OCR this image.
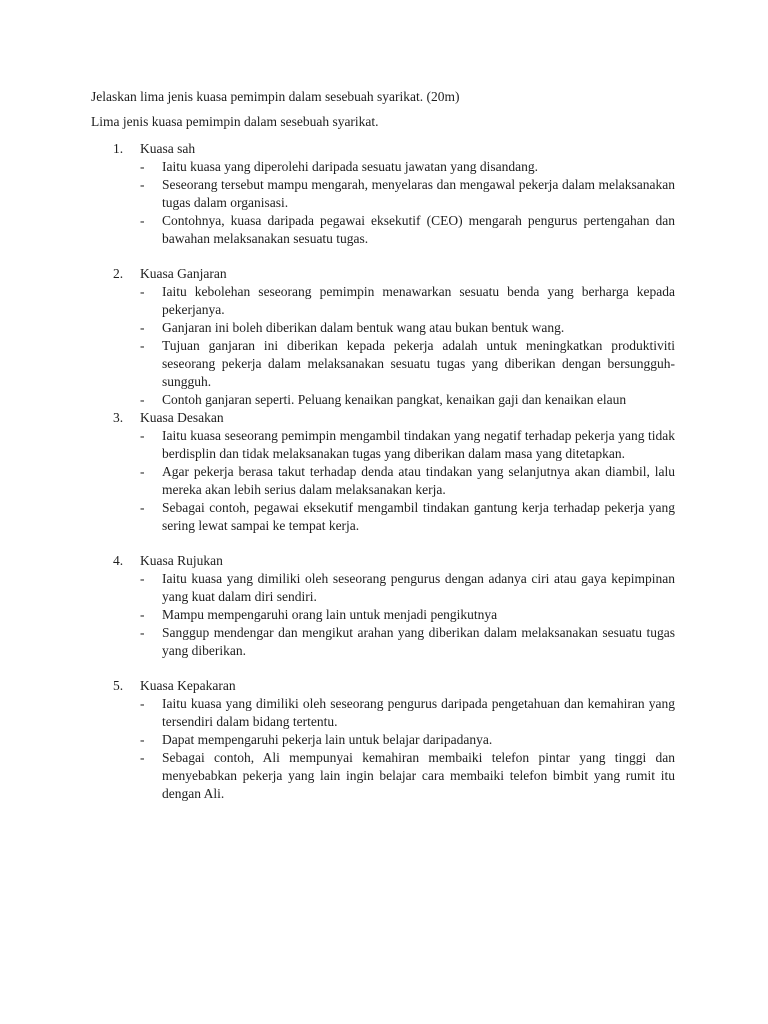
Jelaskan lima jenis kuasa pemimpin dalam sesebuah syarikat. (20m)
Lima jenis kuasa pemimpin dalam sesebuah syarikat.
1. Kuasa sah
- Iaitu kuasa yang diperolehi daripada sesuatu jawatan yang disandang.
- Seseorang tersebut mampu mengarah, menyelaras dan mengawal pekerja dalam melaksanakan tugas dalam organisasi.
- Contohnya, kuasa daripada pegawai eksekutif (CEO) mengarah pengurus pertengahan dan bawahan melaksanakan sesuatu tugas.
2. Kuasa Ganjaran
- Iaitu kebolehan seseorang pemimpin menawarkan sesuatu benda yang berharga kepada pekerjanya.
- Ganjaran ini boleh diberikan dalam bentuk wang atau bukan bentuk wang.
- Tujuan ganjaran ini diberikan kepada pekerja adalah untuk meningkatkan produktiviti seseorang pekerja dalam melaksanakan sesuatu tugas yang diberikan dengan bersungguh-sungguh.
- Contoh ganjaran seperti. Peluang kenaikan pangkat, kenaikan gaji dan kenaikan elaun
3. Kuasa Desakan
- Iaitu kuasa seseorang pemimpin mengambil tindakan yang negatif terhadap pekerja yang tidak berdisplin dan tidak melaksanakan tugas yang diberikan dalam masa yang ditetapkan.
- Agar pekerja berasa takut terhadap denda atau tindakan yang selanjutnya akan diambil, lalu mereka akan lebih serius dalam melaksanakan kerja.
- Sebagai contoh, pegawai eksekutif mengambil tindakan gantung kerja terhadap pekerja yang sering lewat sampai ke tempat kerja.
4. Kuasa Rujukan
- Iaitu kuasa yang dimiliki oleh seseorang pengurus dengan adanya ciri atau gaya kepimpinan yang kuat dalam diri sendiri.
- Mampu mempengaruhi orang lain untuk menjadi pengikutnya
- Sanggup mendengar dan mengikut arahan yang diberikan dalam melaksanakan sesuatu tugas yang diberikan.
5. Kuasa Kepakaran
- Iaitu kuasa yang dimiliki oleh seseorang pengurus daripada pengetahuan dan kemahiran yang tersendiri dalam bidang tertentu.
- Dapat mempengaruhi pekerja lain untuk belajar daripadanya.
- Sebagai contoh, Ali mempunyai kemahiran membaiki telefon pintar yang tinggi dan menyebabkan pekerja yang lain ingin belajar cara membaiki telefon bimbit yang rumit itu dengan Ali.
